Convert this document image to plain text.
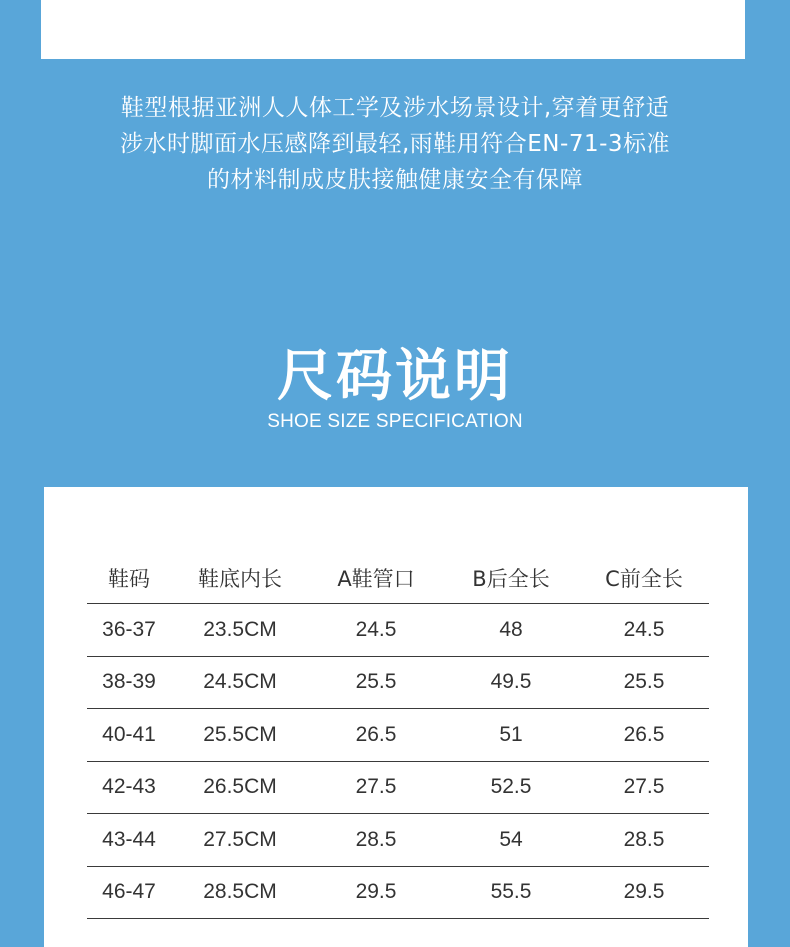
鞋型根据亚洲人人体工学及涉水场景设计,穿着更舒适
涉水时脚面水压感降到最轻,雨鞋用符合EN-71-3标准
的材料制成皮肤接触健康安全有保障
尺码说明
SHOE SIZE SPECIFICATION
鞋码	鞋底内长	A鞋管口	B后全长	C前全长
36-37	23.5CM	24.5	48	24.5
38-39	24.5CM	25.5	49.5	25.5
40-41	25.5CM	26.5	51	26.5
42-43	26.5CM	27.5	52.5	27.5
43-44	27.5CM	28.5	54	28.5
46-47	28.5CM	29.5	55.5	29.5
